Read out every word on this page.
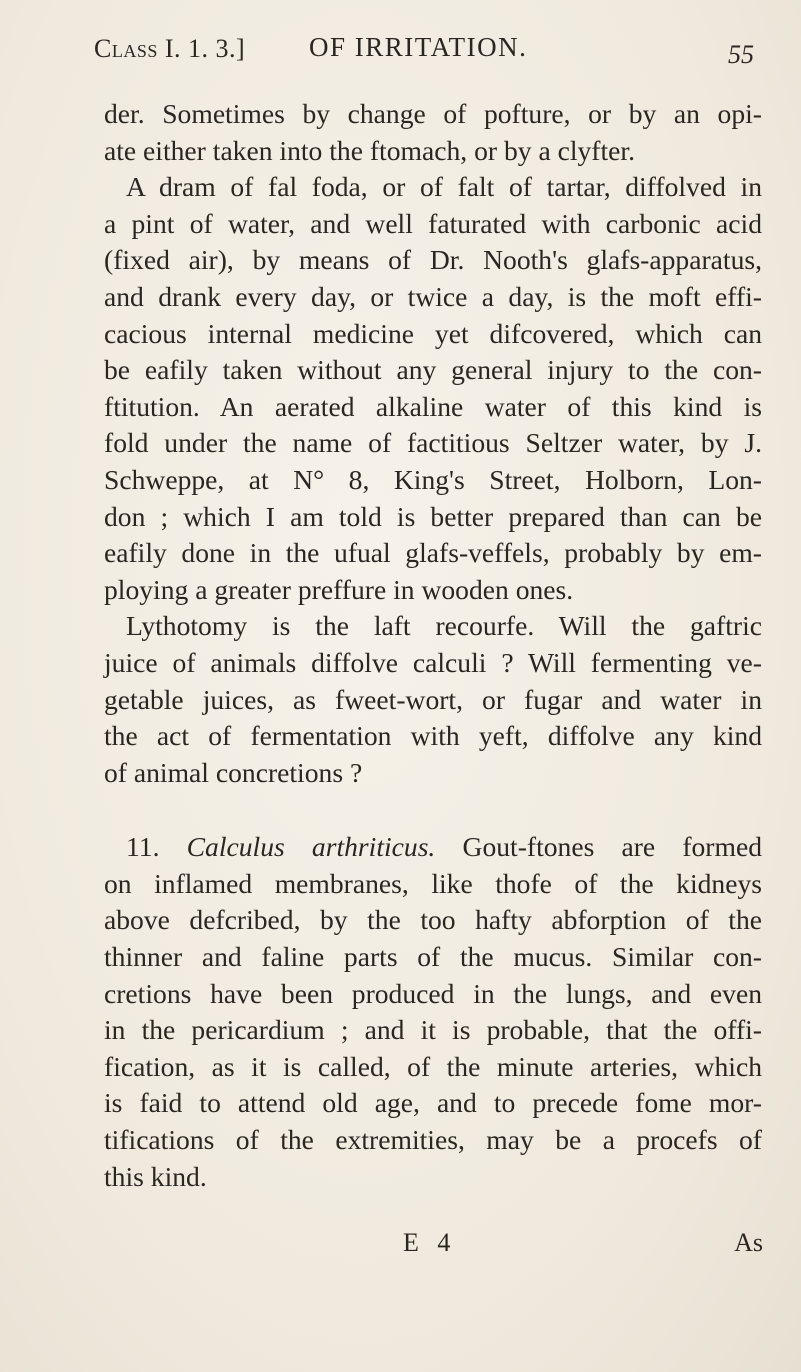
Class I. 1. 3.] OF IRRITATION.	55
der. Sometimes by change of pofture, or by an opi-
ate either taken into the ftomach, or by a clyfter.
A dram of fal foda, or of falt of tartar, diffolved in
a pint of water, and well faturated with carbonic acid
(fixed air), by means of Dr. Nooth's glafs-apparatus,
and drank every day, or twice a day, is the moft effi-
cacious internal medicine yet difcovered, which can
be eafily taken without any general injury to the con-
ftitution. An aerated alkaline water of this kind is
fold under the name of factitious Seltzer water, by J.
Schweppe, at N° 8, King's Street, Holborn, Lon-
don ; which I am told is better prepared than can be
eafily done in the ufual glafs-veffels, probably by em-
ploying a greater preffure in wooden ones.
Lythotomy is the laft recourfe. Will the gaftric
juice of animals diffolve calculi ? Will fermenting ve-
getable juices, as fweet-wort, or fugar and water in
the act of fermentation with yeft, diffolve any kind
of animal concretions ?
11. Calculus arthriticus. Gout-ftones are formed
on inflamed membranes, like thofe of the kidneys
above defcribed, by the too hafty abforption of the
thinner and faline parts of the mucus. Similar con-
cretions have been produced in the lungs, and even
in the pericardium ; and it is probable, that the offi-
fication, as it is called, of the minute arteries, which
is faid to attend old age, and to precede fome mor-
tifications of the extremities, may be a procefs of
this kind.
E 4	As
